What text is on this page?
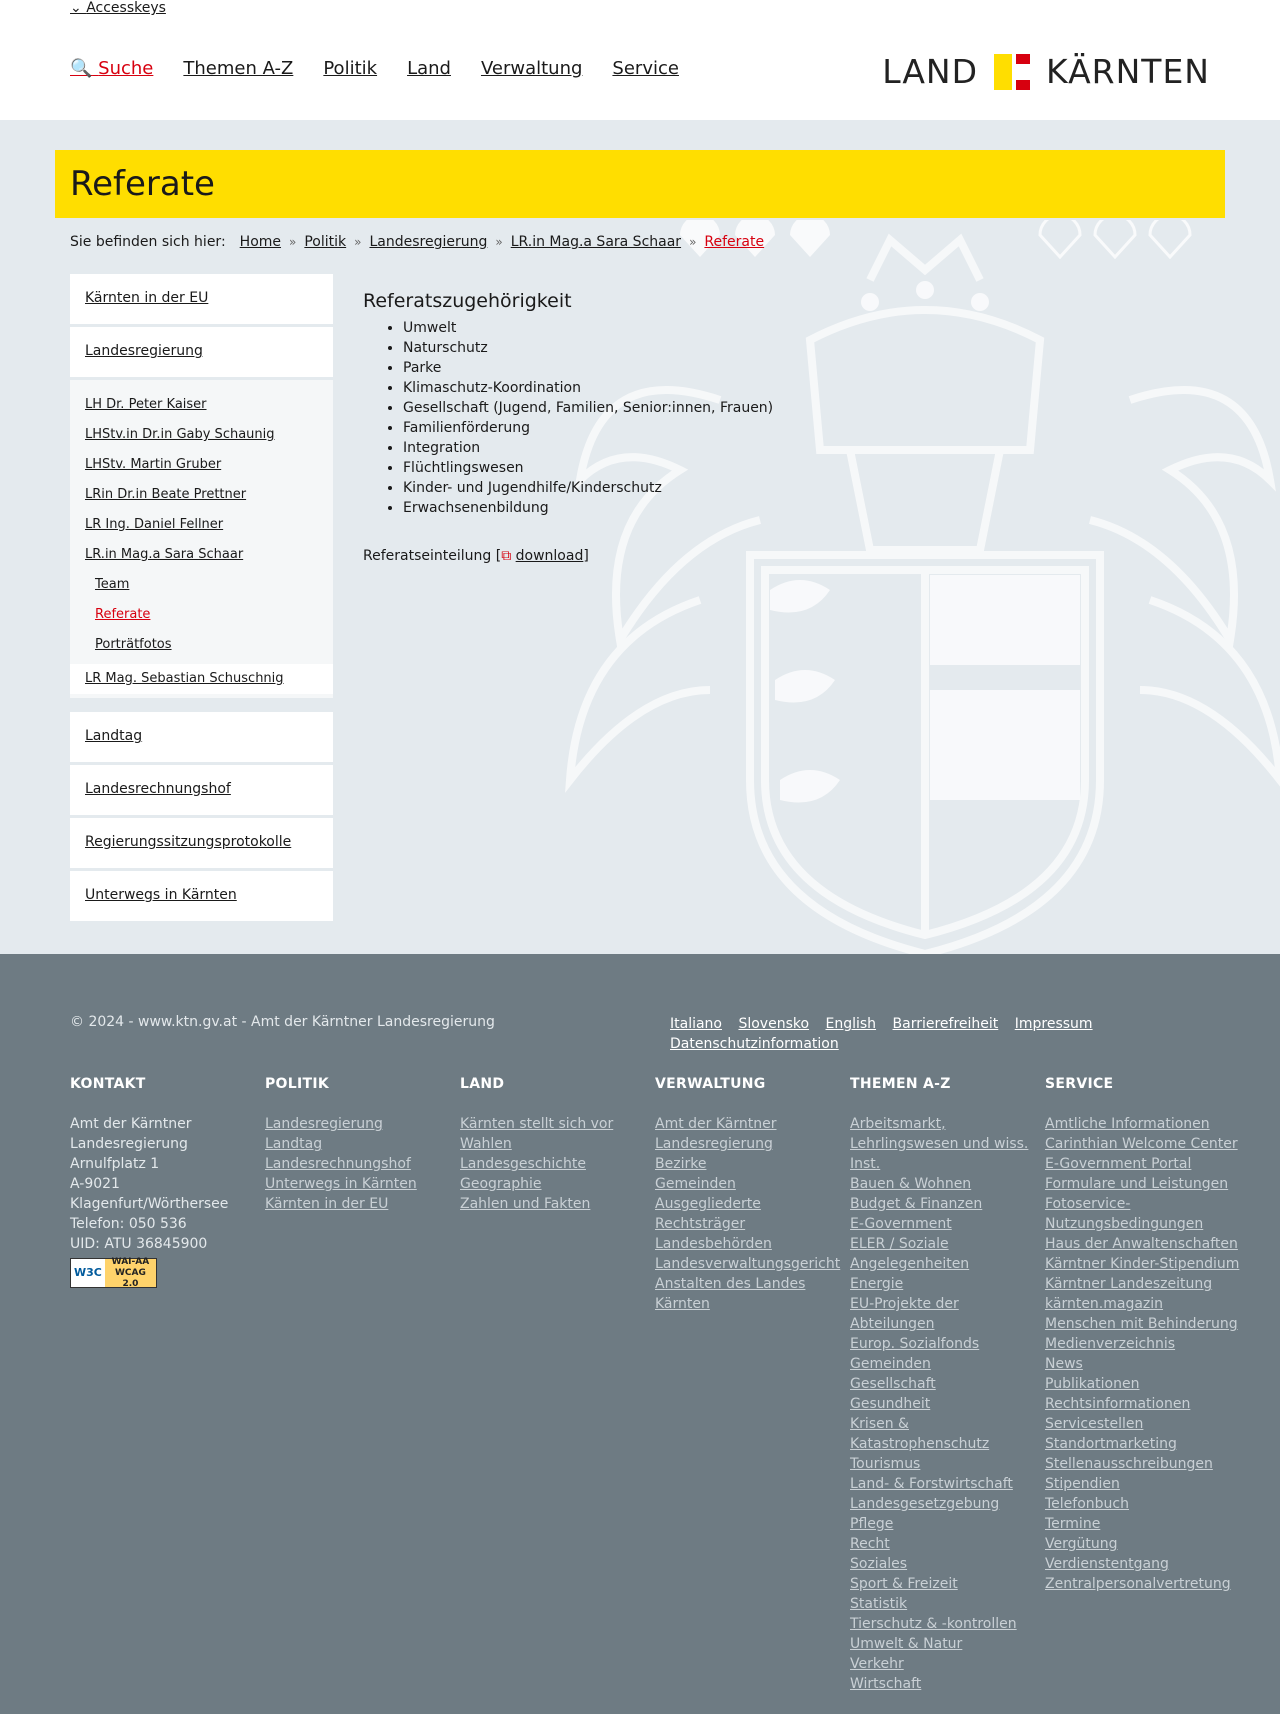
⌄ Accesskeys
🔍 Suche Themen A-Z Politik Land Verwaltung Service	LAND KÄRNTEN
Referate
Sie befinden sich hier: Home » Politik » Landesregierung » LR.in Mag.a Sara Schaar » Referate
Kärnten in der EU
Landesregierung
LH Dr. Peter Kaiser
LHStv.in Dr.in Gaby Schaunig
LHStv. Martin Gruber
LRin Dr.in Beate Prettner
LR Ing. Daniel Fellner
LR.in Mag.a Sara Schaar
Team
Referate
Porträtfotos
LR Mag. Sebastian Schuschnig
Landtag
Landesrechnungshof
Regierungssitzungsprotokolle
Unterwegs in Kärnten
Referatszugehörigkeit
• Umwelt
• Naturschutz
• Parke
• Klimaschutz-Koordination
• Gesellschaft (Jugend, Familien, Senior:innen, Frauen)
• Familienförderung
• Integration
• Flüchtlingswesen
• Kinder- und Jugendhilfe/Kinderschutz
• Erwachsenenbildung
Referatseinteilung [⧉ download]
© 2024 - www.ktn.gv.at - Amt der Kärntner Landesregierung	Italiano Slovensko English Barrierefreiheit Impressum Datenschutzinformation
KONTAKT
Amt der Kärntner
Landesregierung
Arnulfplatz 1
A-9021
Klagenfurt/Wörthersee
Telefon: 050 536
UID: ATU 36845900
W3C
WAI-AA WCAG 2.0
POLITIK
Landesregierung
Landtag
Landesrechnungshof
Unterwegs in Kärnten
Kärnten in der EU
LAND
Kärnten stellt sich vor
Wahlen
Landesgeschichte
Geographie
Zahlen und Fakten
VERWALTUNG
Amt der Kärntner Landesregierung
Bezirke
Gemeinden
Ausgegliederte Rechtsträger
Landesbehörden
Landesverwaltungsgericht
Anstalten des Landes Kärnten
THEMEN A-Z
Arbeitsmarkt, Lehrlingswesen und wiss. Inst.
Bauen & Wohnen
Budget & Finanzen
E-Government
ELER / Soziale Angelegenheiten
Energie
EU-Projekte der Abteilungen
Europ. Sozialfonds
Gemeinden
Gesellschaft
Gesundheit
Krisen & Katastrophenschutz
Tourismus
Land- & Forstwirtschaft
Landesgesetzgebung
Pflege
Recht
Soziales
Sport & Freizeit
Statistik
Tierschutz & -kontrollen
Umwelt & Natur
Verkehr
Wirtschaft
SERVICE
Amtliche Informationen
Carinthian Welcome Center
E-Government Portal
Formulare und Leistungen
Fotoservice-Nutzungsbedingungen
Haus der Anwaltenschaften
Kärntner Kinder-Stipendium
Kärntner Landeszeitung kärnten.magazin
Menschen mit Behinderung
Medienverzeichnis
News
Publikationen
Rechtsinformationen
Servicestellen
Standortmarketing
Stellenausschreibungen
Stipendien
Telefonbuch
Termine
Vergütung
Verdienstentgang
Zentralpersonalvertretung
